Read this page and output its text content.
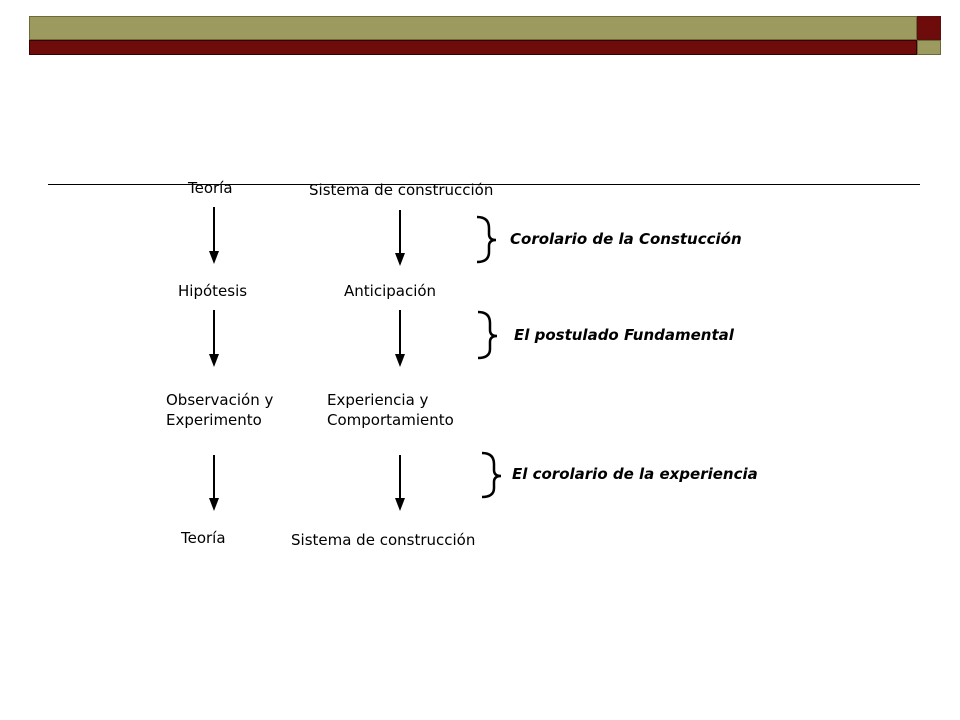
Teoría
Hipótesis
Observación y
Experimento
Teoría
Sistema de construcción
Anticipación
Experiencia y
Comportamiento
Sistema de construcción
Corolario de la Constucción
El postulado Fundamental
El corolario de la experiencia
